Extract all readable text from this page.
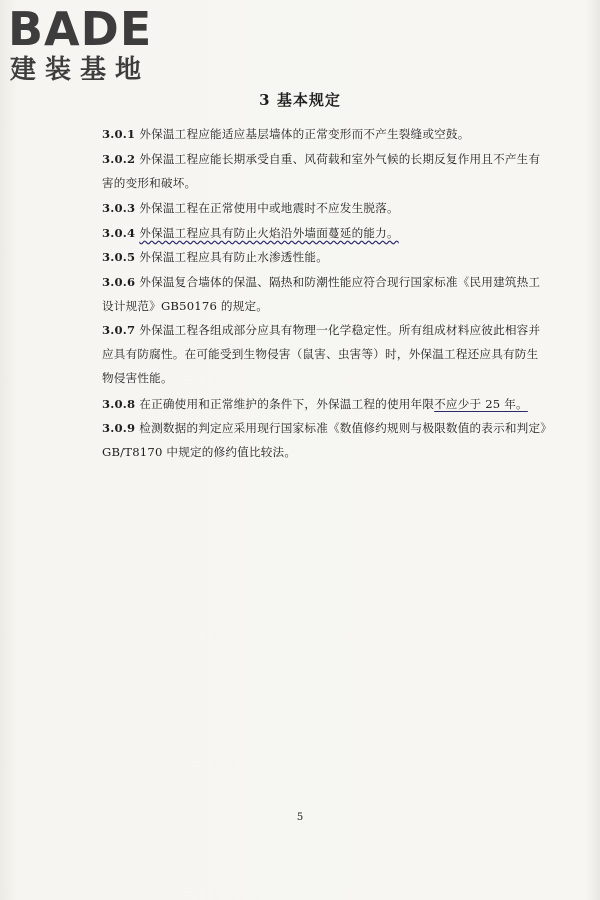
BADE
建装基地
3 基本规定
3.0.1 外保温工程应能适应基层墙体的正常变形而不产生裂缝或空鼓。
3.0.2 外保温工程应能长期承受自重、风荷载和室外气候的长期反复作用且不产生有害的变形和破坏。
3.0.3 外保温工程在正常使用中或地震时不应发生脱落。
3.0.4 外保温工程应具有防止火焰沿外墙面蔓延的能力。
3.0.5 外保温工程应具有防止水渗透性能。
3.0.6 外保温复合墙体的保温、隔热和防潮性能应符合现行国家标准《民用建筑热工设计规范》GB50176 的规定。
3.0.7 外保温工程各组成部分应具有物理一化学稳定性。所有组成材料应彼此相容并应具有防腐性。在可能受到生物侵害（鼠害、虫害等）时，外保温工程还应具有防生物侵害性能。
3.0.8 在正确使用和正常维护的条件下，外保温工程的使用年限不应少于 25 年。
3.0.9 检测数据的判定应采用现行国家标准《数值修约规则与极限数值的表示和判定》GB/T8170 中规定的修约值比较法。
5
